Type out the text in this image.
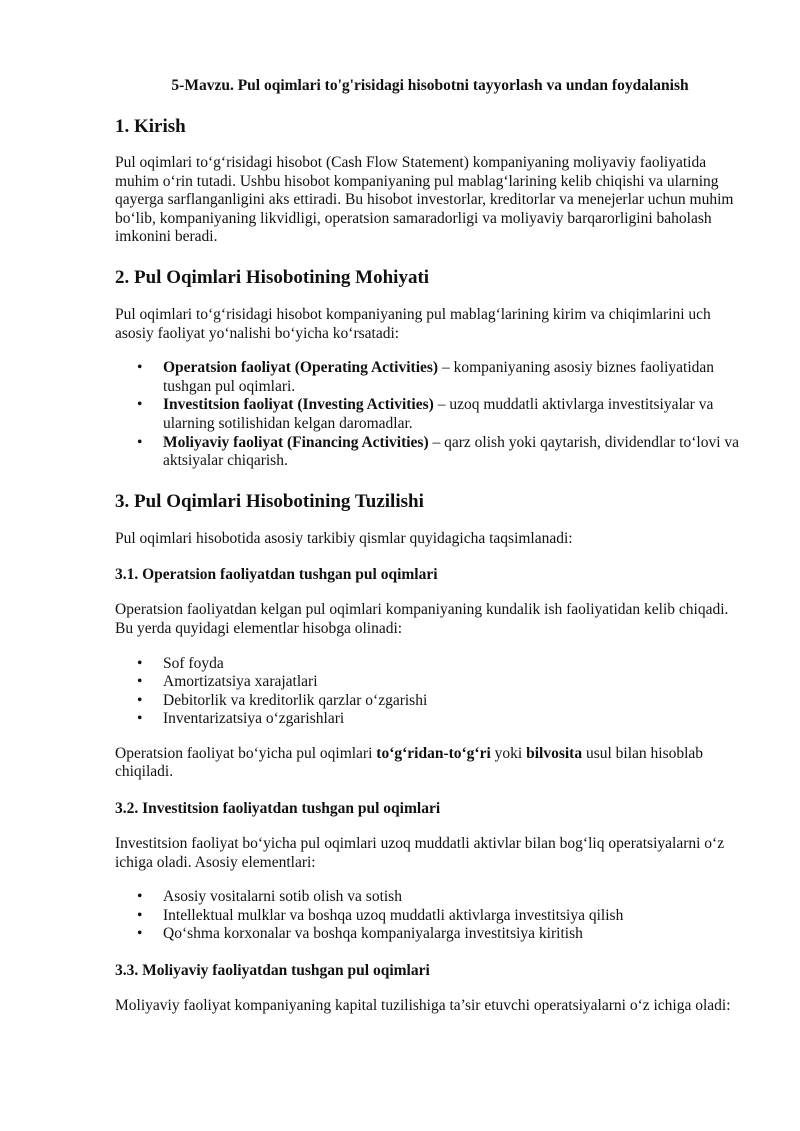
5-Mavzu. Pul oqimlari to'g'risidagi hisobotni tayyorlash va undan foydalanish
1. Kirish

Pul oqimlari to‘g‘risidagi hisobot (Cash Flow Statement) kompaniyaning moliyaviy faoliyatida muhim o‘rin tutadi. Ushbu hisobot kompaniyaning pul mablag‘larining kelib chiqishi va ularning qayerga sarflanganligini aks ettiradi. Bu hisobot investorlar, kreditorlar va menejerlar uchun muhim bo‘lib, kompaniyaning likvidligi, operatsion samaradorligi va moliyaviy barqarorligini baholash imkonini beradi.

2. Pul Oqimlari Hisobotining Mohiyati

Pul oqimlari to‘g‘risidagi hisobot kompaniyaning pul mablag‘larining kirim va chiqimlarini uch asosiy faoliyat yo‘nalishi bo‘yicha ko‘rsatadi:

• Operatsion faoliyat (Operating Activities) – kompaniyaning asosiy biznes faoliyatidan tushgan pul oqimlari.
• Investitsion faoliyat (Investing Activities) – uzoq muddatli aktivlarga investitsiyalar va ularning sotilishidan kelgan daromadlar.
• Moliyaviy faoliyat (Financing Activities) – qarz olish yoki qaytarish, dividendlar to‘lovi va aktsiyalar chiqarish.
3. Pul Oqimlari Hisobotining Tuzilishi

Pul oqimlari hisobotida asosiy tarkibiy qismlar quyidagicha taqsimlanadi:

3.1. Operatsion faoliyatdan tushgan pul oqimlari

Operatsion faoliyatdan kelgan pul oqimlari kompaniyaning kundalik ish faoliyatidan kelib chiqadi. Bu yerda quyidagi elementlar hisobga olinadi:

• Sof foyda
• Amortizatsiya xarajatlari
• Debitorlik va kreditorlik qarzlar o‘zgarishi
• Inventarizatsiya o‘zgarishlari

Operatsion faoliyat bo‘yicha pul oqimlari to‘g‘ridan-to‘g‘ri yoki bilvosita usul bilan hisoblab chiqiladi.

3.2. Investitsion faoliyatdan tushgan pul oqimlari

Investitsion faoliyat bo‘yicha pul oqimlari uzoq muddatli aktivlar bilan bog‘liq operatsiyalarni o‘z ichiga oladi. Asosiy elementlari:

• Asosiy vositalarni sotib olish va sotish
• Intellektual mulklar va boshqa uzoq muddatli aktivlarga investitsiya qilish
• Qo‘shma korxonalar va boshqa kompaniyalarga investitsiya kiritish
3.3. Moliyaviy faoliyatdan tushgan pul oqimlari

Moliyaviy faoliyat kompaniyaning kapital tuzilishiga ta’sir etuvchi operatsiyalarni o‘z ichiga oladi:
